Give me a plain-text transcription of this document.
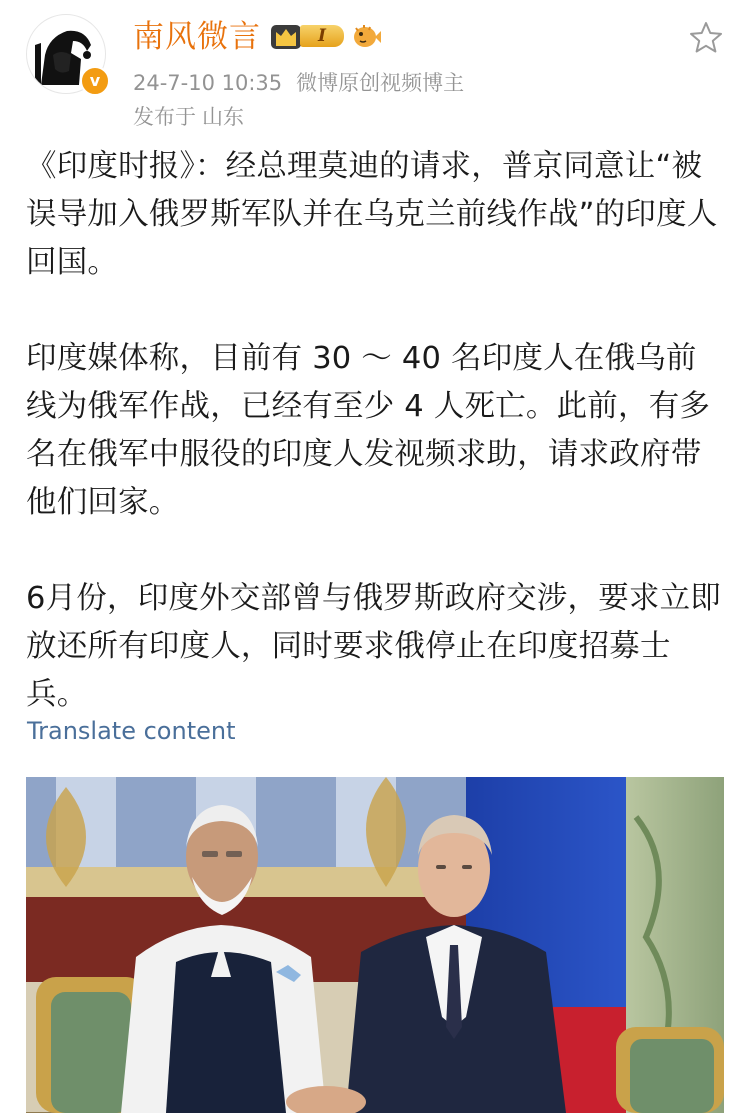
v
南风微言	I
24-7-10 10:35 微博原创视频博主
发布于 山东

《印度时报》：经总理莫迪的请求，普京同意让“被误导加入俄罗斯军队并在乌克兰前线作战”的印度人回国。

印度媒体称，目前有 30 ～ 40 名印度人在俄乌前线为俄军作战，已经有至少 4 人死亡。此前，有多名在俄军中服役的印度人发视频求助，请求政府带他们回家。

6月份，印度外交部曾与俄罗斯政府交涉，要求立即放还所有印度人，同时要求俄停止在印度招募士兵。

Translate content
